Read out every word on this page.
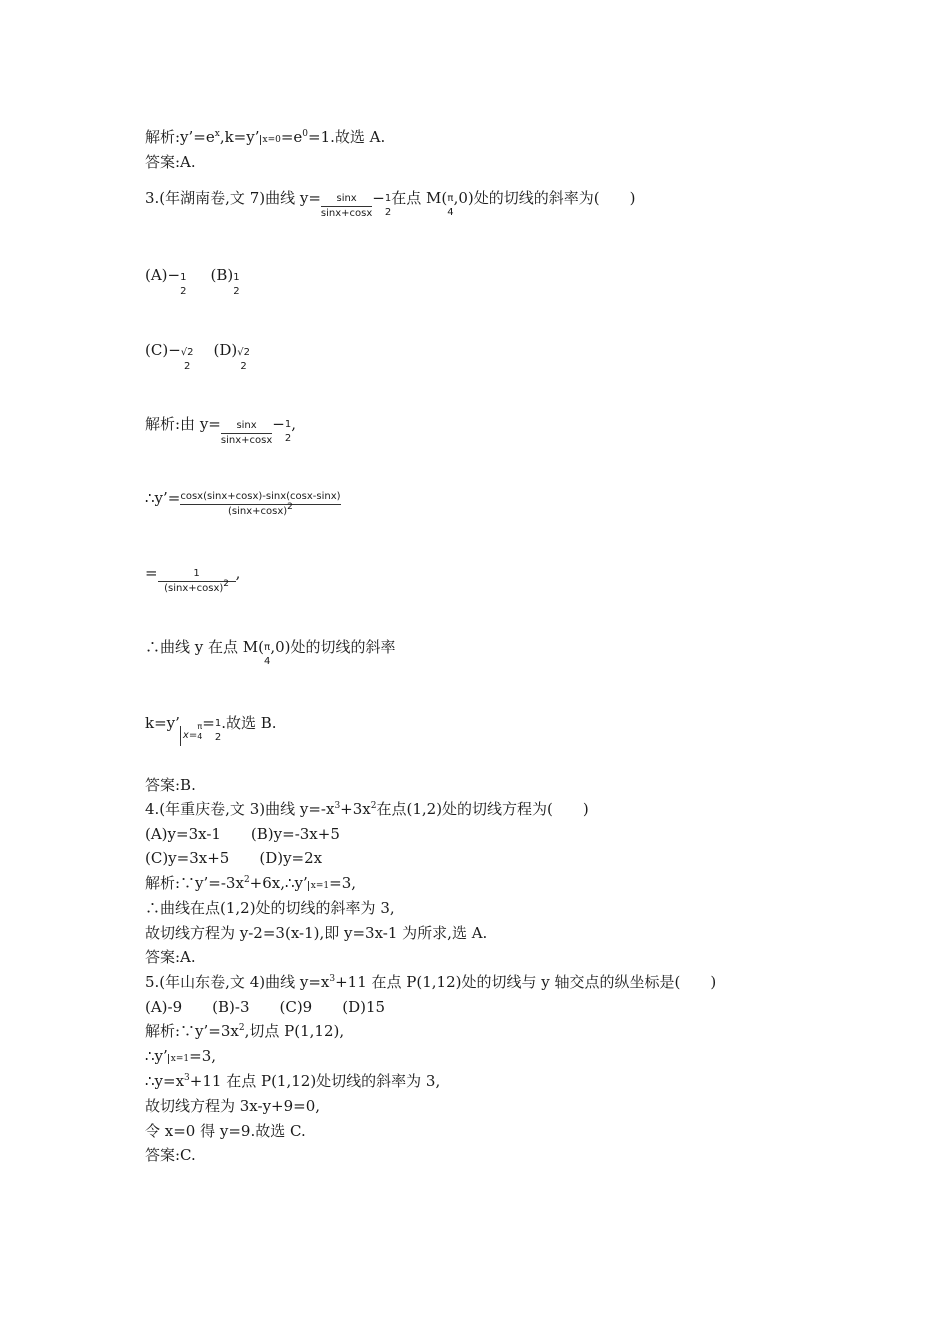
解析$:y’=e^x,k=y$’ $x=0=e^0=1$.故选 A.
答案:A.
3.(年湖南卷,文 7)曲线 $y= \frac{\sin x}{\sin x+\cos x} - 1$
2
在点 M( π
4
,0)处的切线的斜率为(　　)
(A)− 1
2
(B) 1
2
(C)− √2
2
(D) √2
2
解析:由 $y= \frac{\sin x}{\sin x+\cos x} - 1$
2
,
∴y’= $\frac{\cos x(\sin x+\cos x)-\sin x(\cos x-\sin x)}{(\sin x+\cos x)2}$
= $\frac{1}{(\sin x+\cos x)2}$ ,
∴曲线 y 在点 M( π
4
,0)处的切线的斜率
k=y’x=
π
4
= 1
2
.故选 B.
答案:B.
4.(年重庆卷,文 3)曲线 $y=-x^3+3x^2$在点(1,2)处的切线方程为(　　)
(A)y=3x-1　　(B)y=-3x+5
(C)y=3x+5　　(D)y=2x
解析$:\because y’=-3x^2+6x,\therefore y$’ x=1=3,
∴曲线在点(1,2)处的切线的斜率为 3,
故切线方程为 y-2=3(x-1),即 y=3x-1 为所求,选 A.
答案:A.
5.(年山东卷,文 4)曲线 $y=x^3+11$ 在点 P(1,12)处的切线与 y 轴交点的纵坐标是(　　)
(A)-9　　(B)-3　　(C)9　　(D)15
解析$:\because y’=3x^2$,切点 P(1,12),
∴y’ x=1=3,
$\therefore y=x^3+11$ 在点 P(1,12)处切线的斜率为 3,
故切线方程为 3x-y+9=0,
令 x=0 得 y=9.故选 C.
答案:C.
